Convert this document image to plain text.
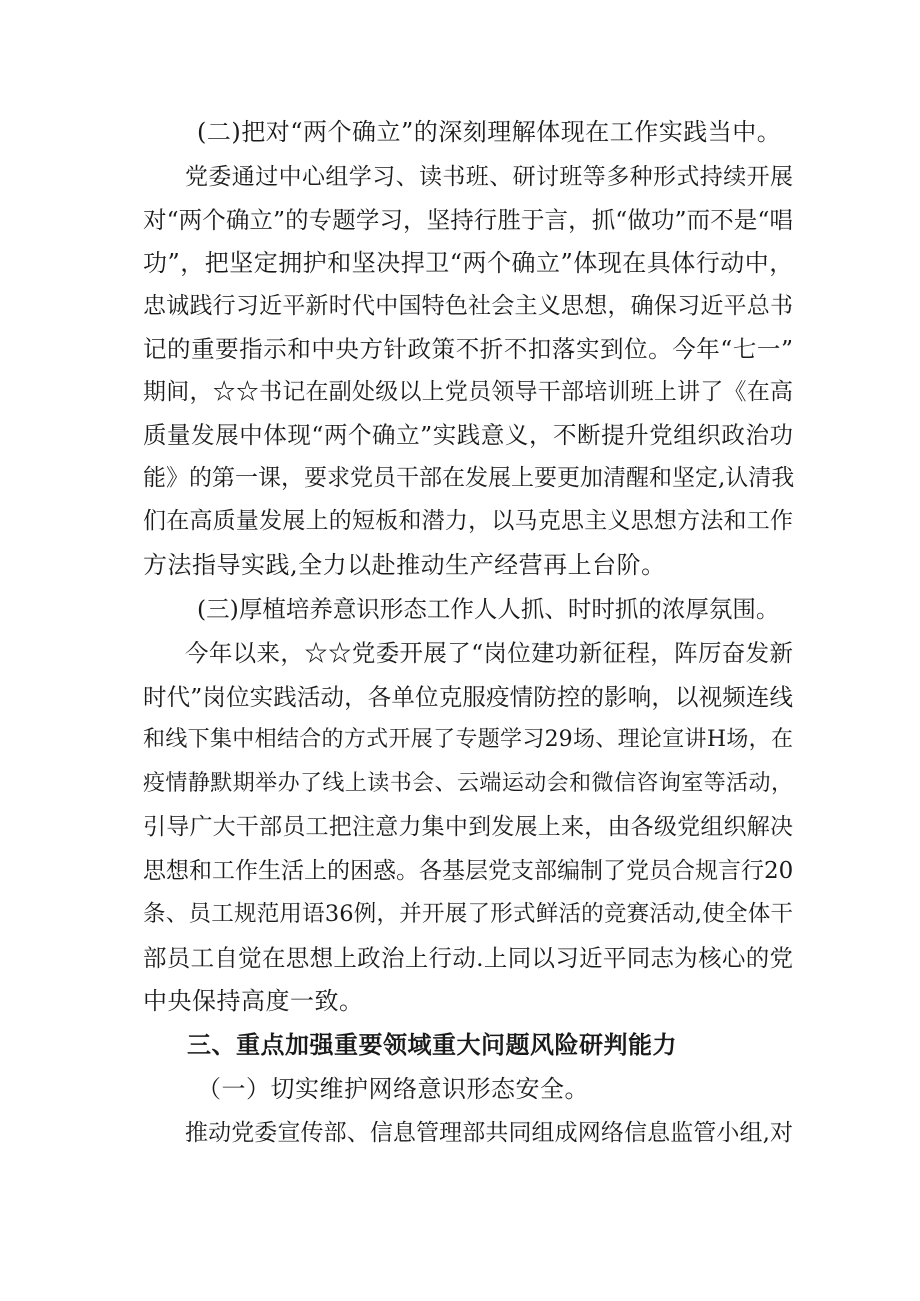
(二)把对“两个确立”的深刻理解体现在工作实践当中。
党委通过中心组学习、读书班、研讨班等多种形式持续开展
对“两个确立”的专题学习，坚持行胜于言，抓“做功”而不是“唱
功”，把坚定拥护和坚决捍卫“两个确立”体现在具体行动中，
忠诚践行习近平新时代中国特色社会主义思想，确保习近平总书
记的重要指示和中央方针政策不折不扣落实到位。今年“七一”
期间，☆☆书记在副处级以上党员领导干部培训班上讲了《在高
质量发展中体现“两个确立”实践意义，不断提升党组织政治功
能》的第一课，要求党员干部在发展上要更加清醒和坚定,认清我
们在高质量发展上的短板和潜力，以马克思主义思想方法和工作
方法指导实践,全力以赴推动生产经营再上台阶。
(三)厚植培养意识形态工作人人抓、时时抓的浓厚氛围。
今年以来，☆☆党委开展了“岗位建功新征程，阵厉奋发新
时代”岗位实践活动，各单位克服疫情防控的影响，以视频连线
和线下集中相结合的方式开展了专题学习29场、理论宣讲H场，在
疫情静默期举办了线上读书会、云端运动会和微信咨询室等活动，
引导广大干部员工把注意力集中到发展上来，由各级党组织解决
思想和工作生活上的困惑。各基层党支部编制了党员合规言行20
条、员工规范用语36例，并开展了形式鲜活的竞赛活动,使全体干
部员工自觉在思想上政治上行动.上同以习近平同志为核心的党
中央保持高度一致。
三、重点加强重要领域重大问题风险研判能力
（一）切实维护网络意识形态安全。
推动党委宣传部、信息管理部共同组成网络信息监管小组,对
